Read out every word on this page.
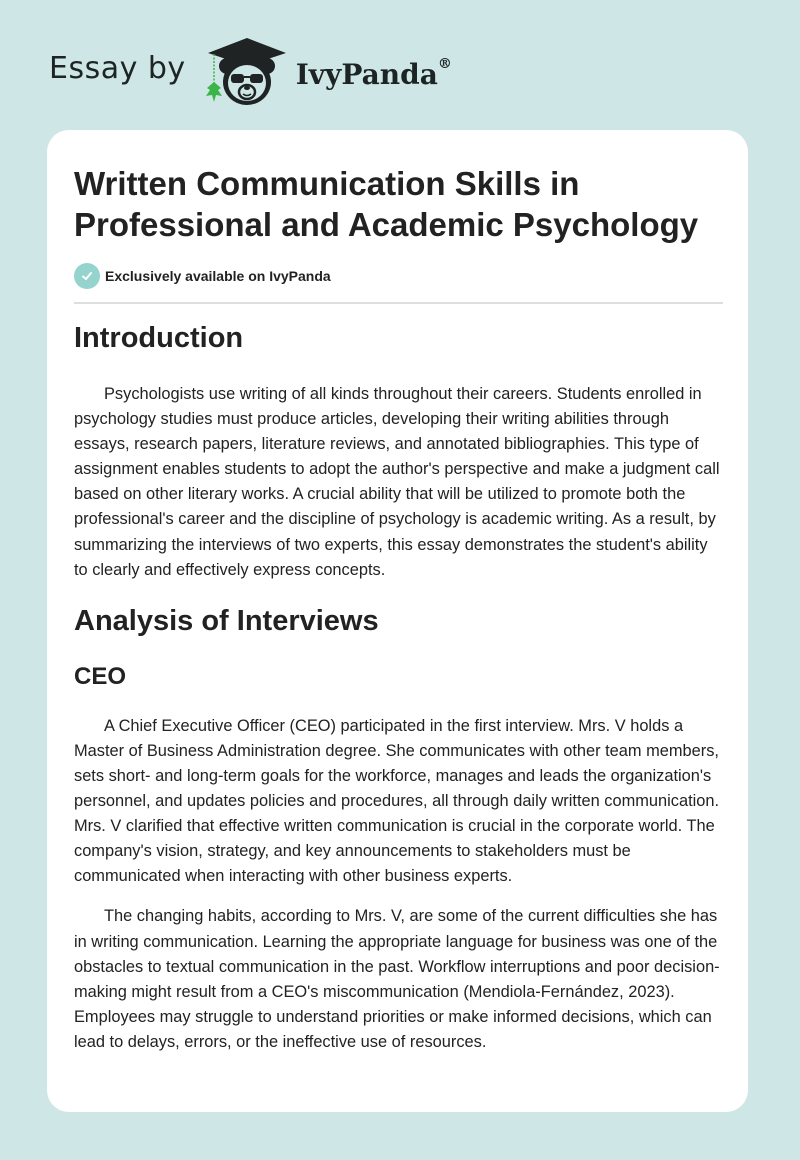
Essay by	IvyPanda®
Written Communication Skills in Professional and Academic Psychology
Exclusively available on IvyPanda
Introduction

Psychologists use writing of all kinds throughout their careers. Students enrolled in psychology studies must produce articles, developing their writing abilities through essays, research papers, literature reviews, and annotated bibliographies. This type of assignment enables students to adopt the author's perspective and make a judgment call based on other literary works. A crucial ability that will be utilized to promote both the professional's career and the discipline of psychology is academic writing. As a result, by summarizing the interviews of two experts, this essay demonstrates the student's ability to clearly and effectively express concepts.

Analysis of Interviews
CEO

A Chief Executive Officer (CEO) participated in the first interview. Mrs. V holds a Master of Business Administration degree. She communicates with other team members, sets short- and long-term goals for the workforce, manages and leads the organization's personnel, and updates policies and procedures, all through daily written communication. Mrs. V clarified that effective written communication is crucial in the corporate world. The company's vision, strategy, and key announcements to stakeholders must be communicated when interacting with other business experts.

The changing habits, according to Mrs. V, are some of the current difficulties she has in writing communication. Learning the appropriate language for business was one of the obstacles to textual communication in the past. Workflow interruptions and poor decision-making might result from a CEO's miscommunication (Mendiola-Fernández, 2023). Employees may struggle to understand priorities or make informed decisions, which can lead to delays, errors, or the ineffective use of resources.
